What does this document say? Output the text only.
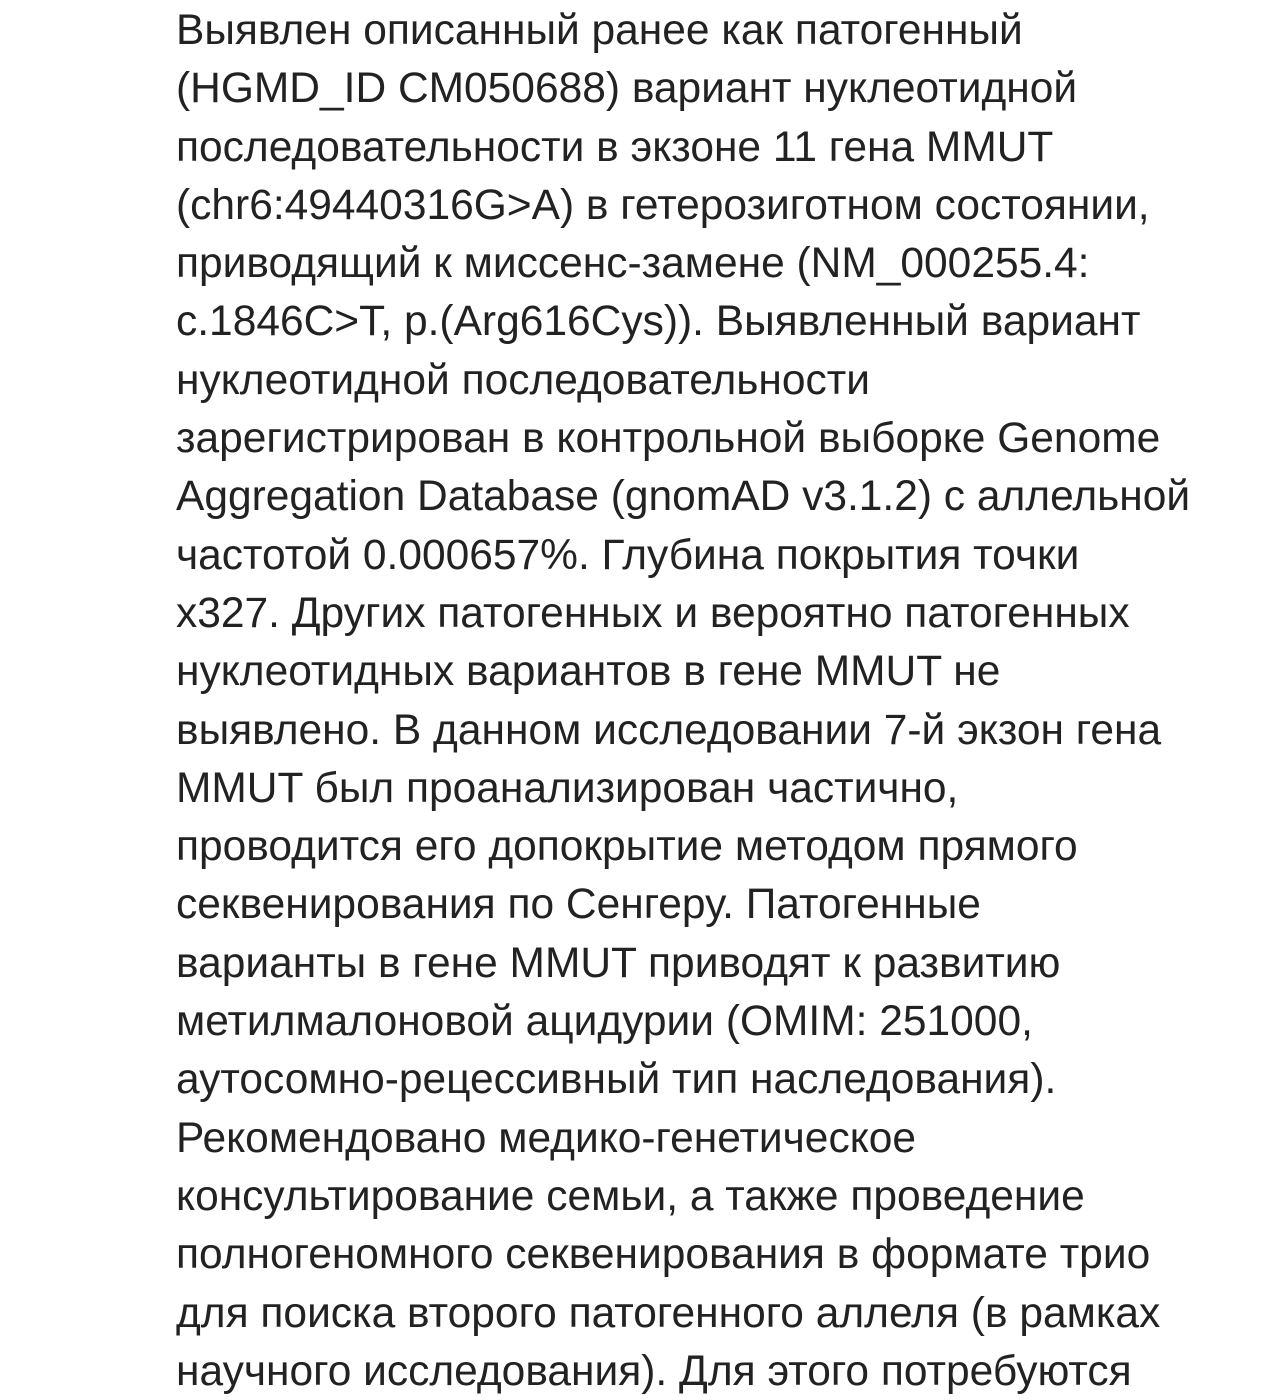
Выявлен описанный ранее как патогенный
(HGMD_ID CM050688) вариант нуклеотидной
последовательности в экзоне 11 гена MMUT
(chr6:49440316G>A) в гетерозиготном состоянии,
приводящий к миссенс-замене (NM_000255.4:
c.1846C>T, p.(Arg616Cys)). Выявленный вариант
нуклеотидной последовательности
зарегистрирован в контрольной выборке Genome
Aggregation Database (gnomAD v3.1.2) с аллельной
частотой 0.000657%. Глубина покрытия точки
x327. Других патогенных и вероятно патогенных
нуклеотидных вариантов в гене MMUT не
выявлено. В данном исследовании 7-й экзон гена
MMUT был проанализирован частично,
проводится его допокрытие методом прямого
секвенирования по Сенгеру. Патогенные
варианты в гене MMUT приводят к развитию
метилмалоновой ацидурии (OMIM: 251000,
аутосомно-рецессивный тип наследования).
Рекомендовано медико-генетическое
консультирование семьи, а также проведение
полногеномного секвенирования в формате трио
для поиска второго патогенного аллеля (в рамках
научного исследования). Для этого потребуются
